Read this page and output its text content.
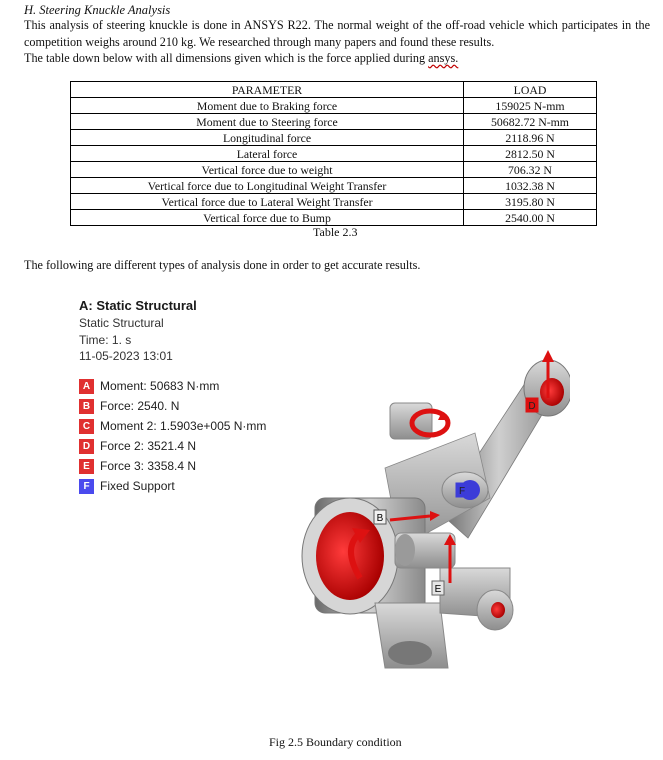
H. Steering Knuckle Analysis

This analysis of steering knuckle is done in ANSYS R22. The normal weight of the off-road vehicle which participates in the competition weighs around 210 kg. We researched through many papers and found these results.

The table down below with all dimensions given which is the force applied during ansys.

PARAMETER	LOAD
Moment due to Braking force	159025 N-mm
Moment due to Steering force	50682.72 N-mm
Longitudinal force	2118.96 N
Lateral force	2812.50 N
Vertical force due to weight	706.32 N
Vertical force due to Longitudinal Weight Transfer	1032.38 N
Vertical force due to Lateral Weight Transfer	3195.80 N
Vertical force due to Bump	2540.00 N
Table 2.3
The following are different types of analysis done in order to get accurate results.
A: Static Structural
Static Structural
Time: 1. s
11-05-2023 13:01
A Moment: 50683 N·mm
B Force: 2540. N
C Moment 2: 1.5903e+005 N·mm
D Force 2: 3521.4 N
E Force 3: 3358.4 N
F Fixed Support
B
D
E
F
Fig 2.5 Boundary condition
